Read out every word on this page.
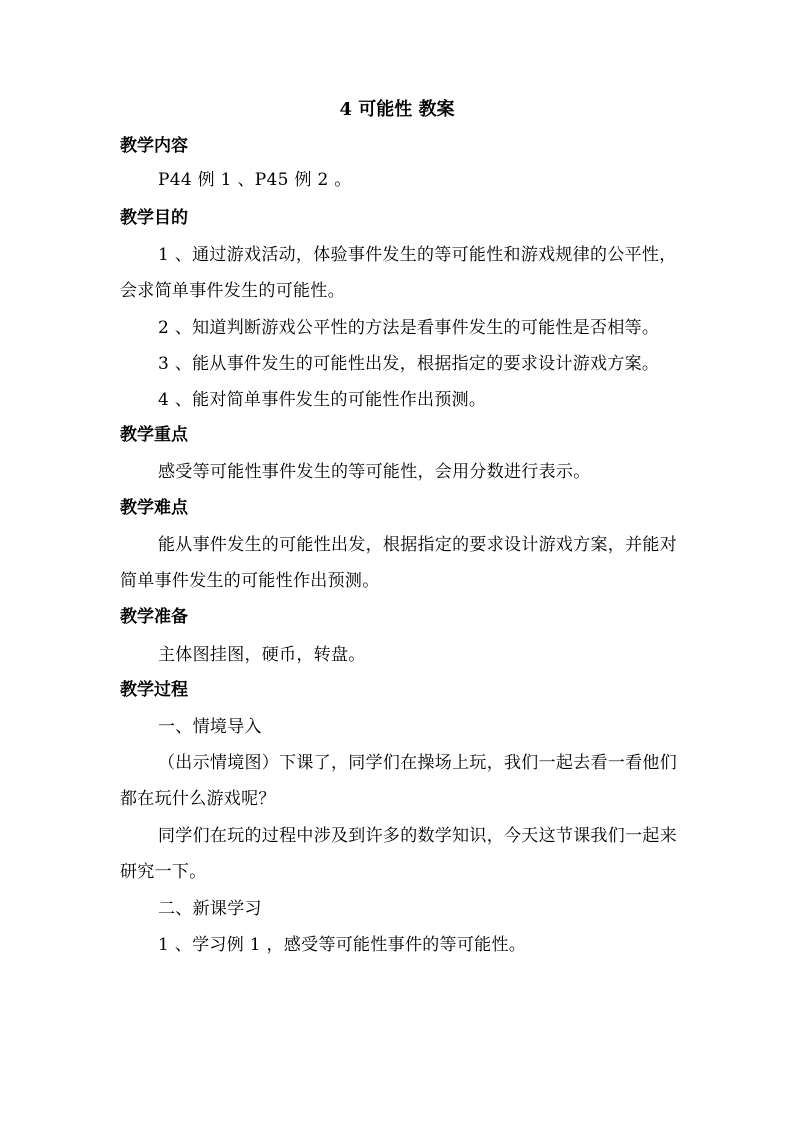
4 可能性 教案
教学内容
P44 例 1 、P45 例 2 。
教学目的
1 、通过游戏活动，体验事件发生的等可能性和游戏规律的公平性，会求简单事件发生的可能性。
2 、知道判断游戏公平性的方法是看事件发生的可能性是否相等。
3 、能从事件发生的可能性出发，根据指定的要求设计游戏方案。
4 、能对简单事件发生的可能性作出预测。
教学重点
感受等可能性事件发生的等可能性，会用分数进行表示。
教学难点
能从事件发生的可能性出发，根据指定的要求设计游戏方案，并能对简单事件发生的可能性作出预测。
教学准备
主体图挂图，硬币，转盘。
教学过程
一、情境导入
（出示情境图）下课了，同学们在操场上玩，我们一起去看一看他们都在玩什么游戏呢？
同学们在玩的过程中涉及到许多的数学知识，今天这节课我们一起来研究一下。
二、新课学习
1 、学习例 1 ，感受等可能性事件的等可能性。
